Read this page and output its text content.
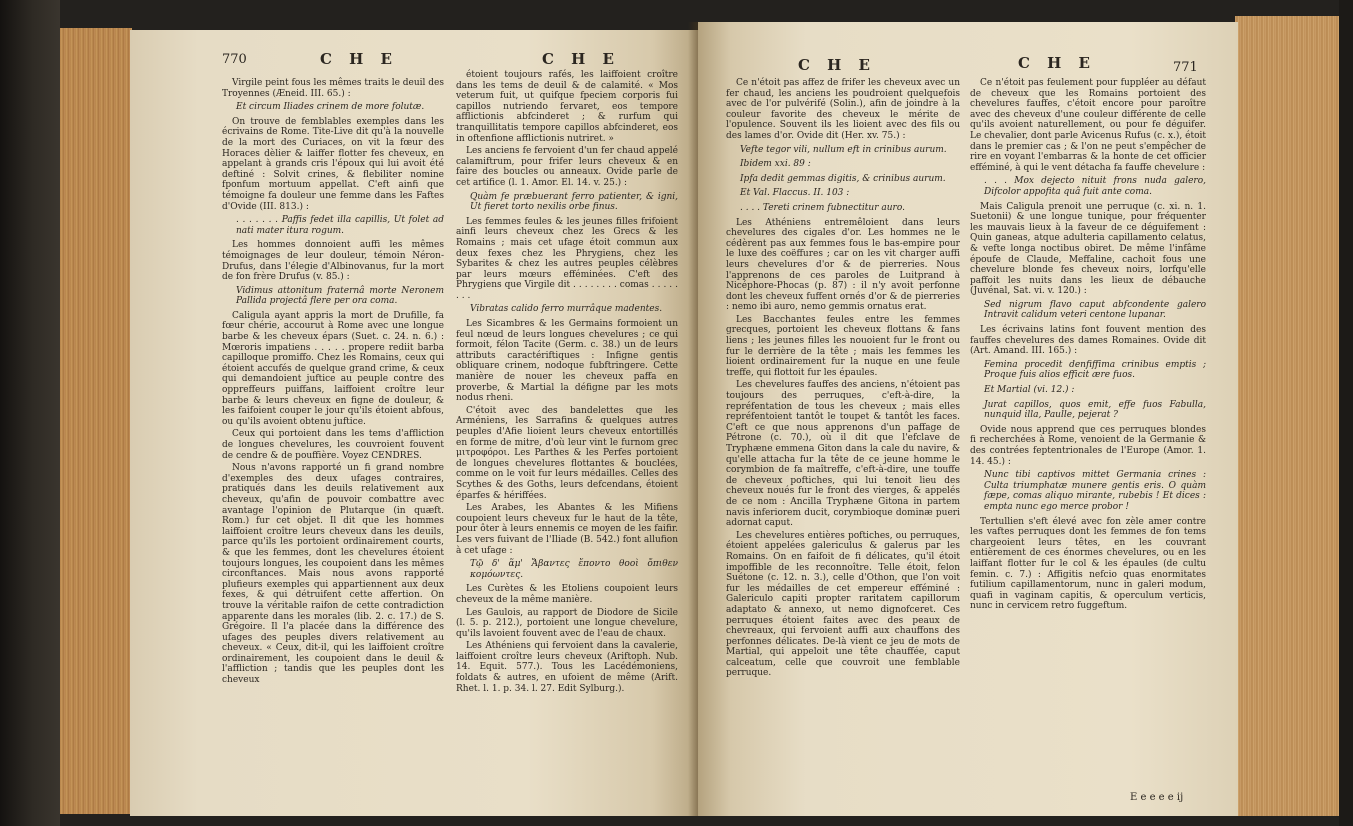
770	C H E

Virgile peint fous les mêmes traits le deuil des Troyennes (Æneid. III. 65.) :

Et circum Iliades crinem de more folutæ.

On trouve de femblables exemples dans les écrivains de Rome. Tite-Live dit qu'à la nouvelle de la mort des Curiaces, on vit la fœur des Horaces dèlier & laiffer flotter fes cheveux, en appelant à grands cris l'époux qui lui avoit été deftiné : Solvit crines, & flebiliter nomine fponfum mortuum appellat. C'eft ainfi que témoigne fa douleur une femme dans les Faftes d'Ovide (III. 813.) :

. . . . . . . Paffis fedet illa capillis, Ut folet ad nati mater itura rogum.

Les hommes donnoient auffi les mêmes témoignages de leur douleur, témoin Néron-Drufus, dans l'élegie d'Albinovanus, fur la mort de fon frère Drufus (v. 85.) :

Vidimus attonitum fraternâ morte Neronem Pallida projectâ flere per ora coma.

Caligula ayant appris la mort de Drufille, fa fœur chérie, accourut à Rome avec une longue barbe & les cheveux épars (Suet. c. 24. n. 6.) : Mœroris impatiens . . . . . propere rediit barba capilloque promiffo. Chez les Romains, ceux qui étoient accufés de quelque grand crime, & ceux qui demandoient juftice au peuple contre des oppreffeurs puiffans, laiffoient croître leur barbe & leurs cheveux en figne de douleur, & les faifoient couper le jour qu'ils étoient abfous, ou qu'ils avoient obtenu juftice.

Ceux qui portoient dans les tems d'affliction de longues chevelures, les couvroient fouvent de cendre & de pouffière. Voyez CENDRES.

Nous n'avons rapporté un fi grand nombre d'exemples des deux ufages contraires, pratiqués dans les deuils relativement aux cheveux, qu'afin de pouvoir combattre avec avantage l'opinion de Plutarque (in quæft. Rom.) fur cet objet. Il dit que les hommes laiffoient croître leurs cheveux dans les deuils, parce qu'ils les portoient ordinairement courts, & que les femmes, dont les chevelures étoient toujours longues, les coupoient dans les mêmes circonftances. Mais nous avons rapporté plufieurs exemples qui appartiennent aux deux fexes, & qui détruifent cette affertion. On trouve la véritable raifon de cette contradiction apparente dans les morales (lib. 2. c. 17.) de S. Grégoire. Il l'a placée dans la différence des ufages des peuples divers relativement au cheveux. « Ceux, dit-il, qui les laiffoient croître ordinairement, les coupoient dans le deuil & l'affliction ; tandis que les peuples dont les cheveux

C H E

étoient toujours rafés, les laiffoient croître dans les tems de deuil & de calamité. « Mos veterum fuit, ut quifque fpeciem corporis fui capillos nutriendo fervaret, eos tempore afflictionis abfcinderet ; & rurfum qui tranquillitatis tempore capillos abfcinderet, eos in oftenfione afflictionis nutriret. »

Les anciens fe fervoient d'un fer chaud appelé calamiftrum, pour frifer leurs cheveux & en faire des boucles ou anneaux. Ovide parle de cet artifice (l. 1. Amor. El. 14. v. 25.) :

Quàm fe præbuerant ferro patienter, & igni, Ut fieret torto nexilis orbe finus.

Les femmes feules & les jeunes filles frifoient ainfi leurs cheveux chez les Grecs & les Romains ; mais cet ufage étoit commun aux deux fexes chez les Phrygiens, chez les Sybarites & chez les autres peuples célèbres par leurs mœurs efféminées. C'eft des Phrygiens que Virgile dit . . . . . . . . comas . . . . . . . .

Vibratas calido ferro murrâque madentes.

Les Sicambres & les Germains formoient un feul nœud de leurs longues chevelures ; ce qui formoit, félon Tacite (Germ. c. 38.) un de leurs attributs caractériftiques : Infigne gentis obliquare crinem, nodoque fubftringere. Cette manière de nouer les cheveux paffa en proverbe, & Martial la défigne par les mots nodus rheni.

C'étoit avec des bandelettes que les Arméniens, les Sarrafins & quelques autres peuples d'Afie lioient leurs cheveux entortillés en forme de mitre, d'où leur vint le furnom grec μιτροφόροι. Les Parthes & les Perfes portoient de longues chevelures flottantes & bouclées, comme on le voit fur leurs médailles. Celles des Scythes & des Goths, leurs defcendans, étoient éparfes & hériffées.

Les Arabes, les Abantes & les Mifiens coupoient leurs cheveux fur le haut de la tête, pour ôter à leurs ennemis ce moyen de les faifir. Les vers fuivant de l'Iliade (B. 542.) font allufion à cet ufage :

Τῷ δ' ἅμ' Ἄβαντες ἕποντο θοοὶ ὄπιθεν κομόωντες.

Les Curètes & les Etoliens coupoient leurs cheveux de la même manière.

Les Gaulois, au rapport de Diodore de Sicile (l. 5. p. 212.), portoient une longue chevelure, qu'ils lavoient fouvent avec de l'eau de chaux.

Les Athéniens qui fervoient dans la cavalerie, laiffoient croître leurs cheveux (Ariftoph. Nub. 14. Equit. 577.). Tous les Lacédémoniens, foldats & autres, en ufoient de même (Arift. Rhet. l. 1. p. 34. l. 27. Edit Sylburg.).

C H E

Ce n'étoit pas affez de frifer les cheveux avec un fer chaud, les anciens les poudroient quelquefois avec de l'or pulvérifé (Solin.), afin de joindre à la couleur favorite des cheveux le mérite de l'opulence. Souvent ils les lioient avec des fils ou des lames d'or. Ovide dit (Her. xv. 75.) :

Vefte tegor vili, nullum eft in crinibus aurum.

Ibidem xxi. 89 :

Ipfa dedit gemmas digitis, & crinibus aurum.

Et Val. Flaccus. II. 103 :

. . . . Tereti crinem fubnectitur auro.

Les Athéniens entremêloient dans leurs chevelures des cigales d'or. Les hommes ne le cédèrent pas aux femmes fous le bas-empire pour le luxe des coëffures ; car on les vit charger auffi leurs chevelures d'or & de pierreries. Nous l'apprenons de ces paroles de Luitprand à Nicéphore-Phocas (p. 87) : il n'y avoit perfonne dont les cheveux fuffent ornés d'or & de pierreries : nemo ibi auro, nemo gemmis ornatus erat.

Les Bacchantes feules entre les femmes grecques, portoient les cheveux flottans & fans liens ; les jeunes filles les nouoient fur le front ou fur le derrière de la tête ; mais les femmes les lioient ordinairement fur la nuque en une feule treffe, qui flottoit fur les épaules.

Les chevelures fauffes des anciens, n'étoient pas toujours des perruques, c'eft-à-dire, la repréfentation de tous les cheveux ; mais elles repréfentoient tantôt le toupet & tantôt les faces. C'eft ce que nous apprenons d'un paffage de Pétrone (c. 70.), où il dit que l'efclave de Tryphæne emmena Giton dans la cale du navire, & qu'elle attacha fur la tête de ce jeune homme le corymbion de fa maîtreffe, c'eft-à-dire, une touffe de cheveux poftiches, qui lui tenoit lieu des cheveux noués fur le front des vierges, & appelés de ce nom : Ancilla Tryphæne Gitona in partem navis inferiorem ducit, corymbioque dominæ pueri adornat caput.

Les chevelures entières poftiches, ou perruques, étoient appelées galericulus & galerus par les Romains. On en faifoit de fi délicates, qu'il étoit impoffible de les reconnoître. Telle étoit, felon Suétone (c. 12. n. 3.), celle d'Othon, que l'on voit fur les médailles de cet empereur efféminé : Galericulo capiti propter raritatem capillorum adaptato & annexo, ut nemo dignofceret. Ces perruques étoient faites avec des peaux de chevreaux, qui fervoient auffi aux chauffons des perfonnes délicates. De-là vient ce jeu de mots de Martial, qui appeloit une tête chauffée, caput calceatum, celle que couvroit une femblable perruque.

C H E	771

Ce n'étoit pas feulement pour fuppléer au défaut de cheveux que les Romains portoient des chevelures fauffes, c'étoit encore pour paroître avec des cheveux d'une couleur différente de celle qu'ils avoient naturellement, ou pour fe déguifer. Le chevalier, dont parle Avicenus Rufus (c. x.), étoit dans le premier cas ; & l'on ne peut s'empêcher de rire en voyant l'embarras & la honte de cet officier efféminé, à qui le vent détacha fa fauffe chevelure :

. . . Mox dejecto nituit frons nuda galero, Difcolor appofita quâ fuit ante coma.

Mais Caligula prenoit une perruque (c. xi. n. 1. Suetonii) & une longue tunique, pour fréquenter les mauvais lieux à la faveur de ce déguifement : Quin ganeas, atque adulteria capillamento celatus, & vefte longa noctibus obiret. De même l'infâme époufe de Claude, Meffaline, cachoit fous une chevelure blonde fes cheveux noirs, lorfqu'elle paffoit les nuits dans les lieux de débauche (Juvénal, Sat. vi. v. 120.) :

Sed nigrum flavo caput abfcondente galero Intravit calidum veteri centone lupanar.

Les écrivains latins font fouvent mention des fauffes chevelures des dames Romaines. Ovide dit (Art. Amand. III. 165.) :

Femina procedit denfiffima crinibus emptis ; Proque fuis alios efficit ære fuos.

Et Martial (vi. 12.) :

Jurat capillos, quos emit, effe fuos Fabulla, nunquid illa, Paulle, pejerat ?

Ovide nous apprend que ces perruques blondes fi recherchées à Rome, venoient de la Germanie & des contrées feptentrionales de l'Europe (Amor. 1. 14. 45.) :

Nunc tibi captivos mittet Germania crines : Culta triumphatæ munere gentis eris. O quàm fæpe, comas aliquo mirante, rubebis ! Et dices : empta nunc ego merce probor !

Tertullien s'eft élevé avec fon zèle amer contre les vaftes perruques dont les femmes de fon tems chargeoient leurs têtes, en les couvrant entièrement de ces énormes chevelures, ou en les laiffant flotter fur le col & les épaules (de cultu femin. c. 7.) : Affigitis nefcio quas enormitates futilium capillamentorum, nunc in galeri modum, quafi in vaginam capitis, & operculum verticis, nunc in cervicem retro fuggeftum.

E e e e e ij
